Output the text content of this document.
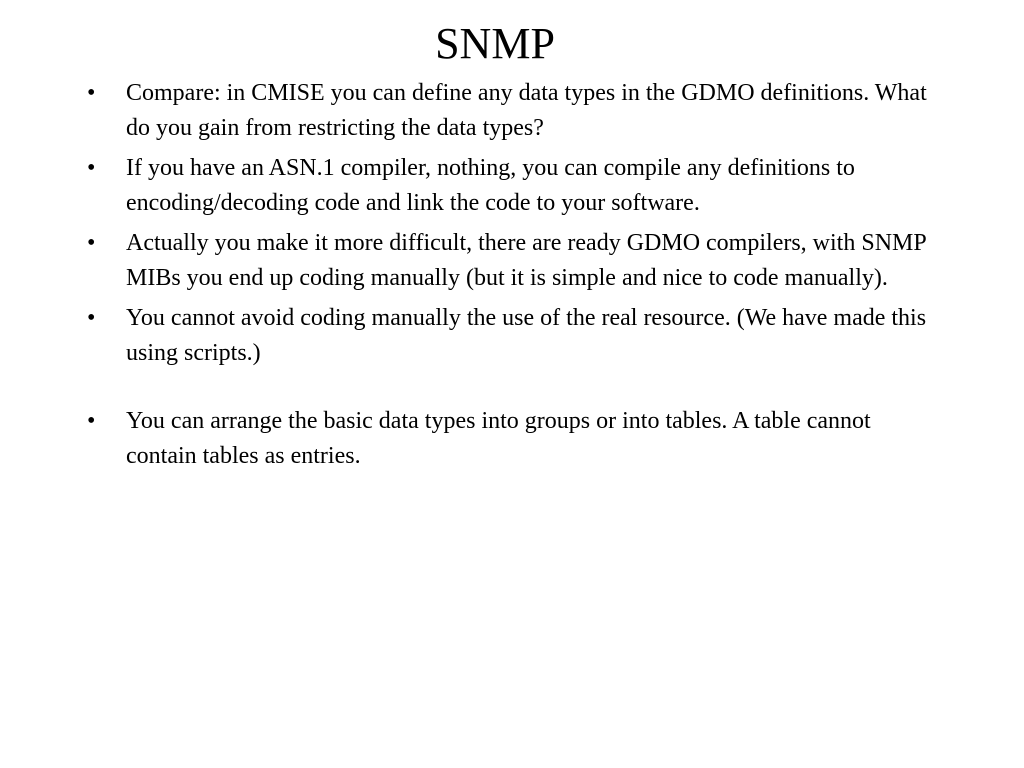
SNMP
•	Compare: in CMISE you can define any data types in the GDMO definitions. What do you gain from restricting the data types?
•	If you have an ASN.1 compiler, nothing, you can compile any definitions to encoding/decoding code and link the code to your software.
•	Actually you make it more difficult, there are ready GDMO compilers, with SNMP MIBs you end up coding manually (but it is simple and nice to code manually).
•	You cannot avoid coding manually the use of the real resource. (We have made this using scripts.)
•	You can arrange the basic data types into groups or into tables. A table cannot contain tables as entries.
